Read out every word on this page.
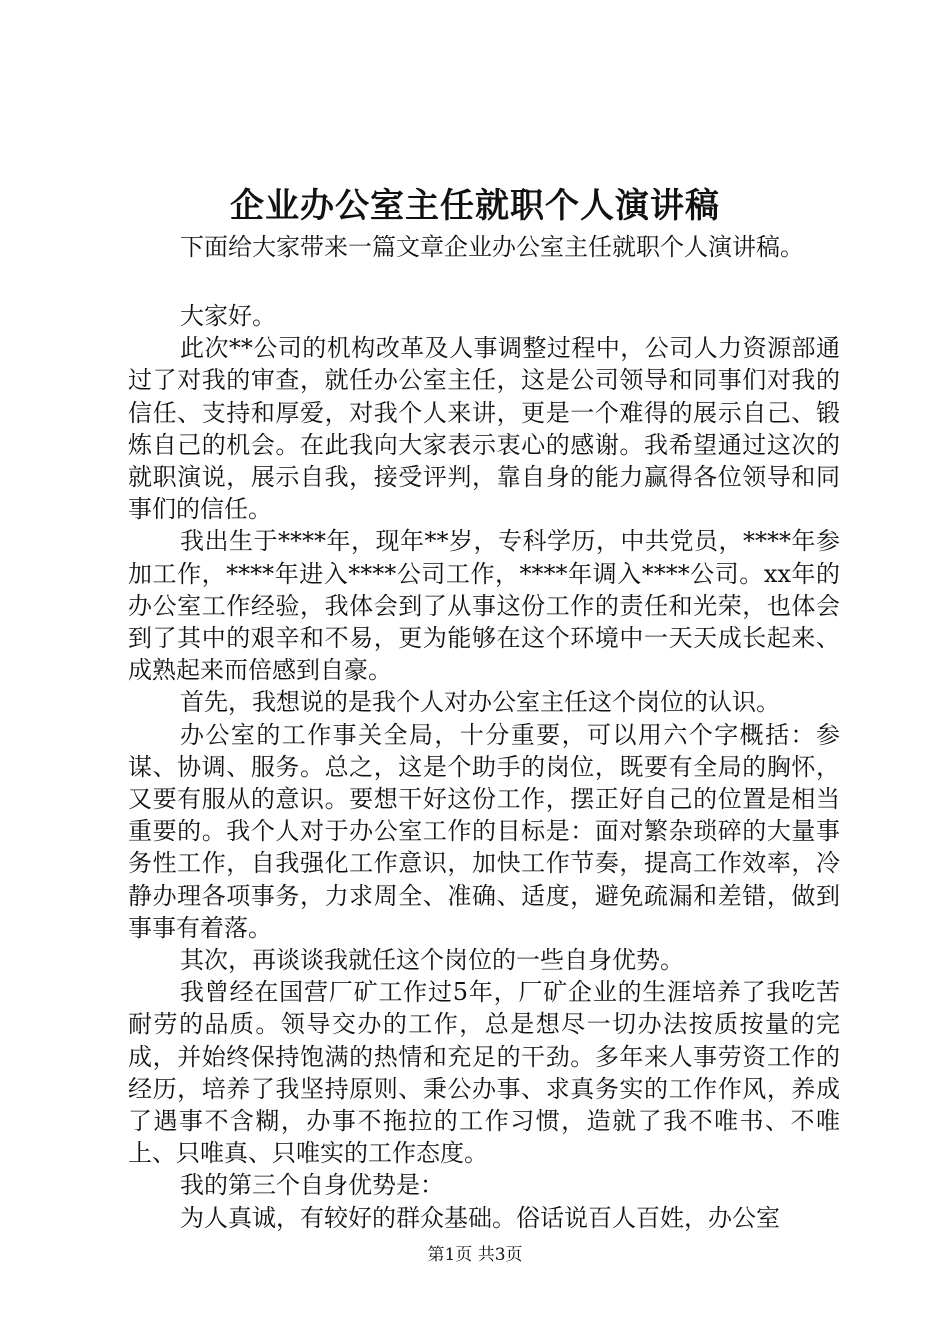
企业办公室主任就职个人演讲稿
下面给大家带来一篇文章企业办公室主任就职个人演讲稿。

大家好。

此次**公司的机构改革及人事调整过程中，公司人力资源部通过了对我的审查，就任办公室主任，这是公司领导和同事们对我的信任、支持和厚爱，对我个人来讲，更是一个难得的展示自己、锻炼自己的机会。在此我向大家表示衷心的感谢。我希望通过这次的就职演说，展示自我，接受评判，靠自身的能力赢得各位领导和同事们的信任。

我出生于****年，现年**岁，专科学历，中共党员，****年参加工作，****年进入****公司工作，****年调入****公司。xx年的办公室工作经验，我体会到了从事这份工作的责任和光荣，也体会到了其中的艰辛和不易，更为能够在这个环境中一天天成长起来、成熟起来而倍感到自豪。

首先，我想说的是我个人对办公室主任这个岗位的认识。

办公室的工作事关全局，十分重要，可以用六个字概括：参谋、协调、服务。总之，这是个助手的岗位，既要有全局的胸怀，又要有服从的意识。要想干好这份工作，摆正好自己的位置是相当重要的。我个人对于办公室工作的目标是：面对繁杂琐碎的大量事务性工作，自我强化工作意识，加快工作节奏，提高工作效率，冷静办理各项事务，力求周全、准确、适度，避免疏漏和差错，做到事事有着落。

其次，再谈谈我就任这个岗位的一些自身优势。

我曾经在国营厂矿工作过5年，厂矿企业的生涯培养了我吃苦耐劳的品质。领导交办的工作，总是想尽一切办法按质按量的完成，并始终保持饱满的热情和充足的干劲。多年来人事劳资工作的经历，培养了我坚持原则、秉公办事、求真务实的工作作风，养成了遇事不含糊，办事不拖拉的工作习惯，造就了我不唯书、不唯上、只唯真、只唯实的工作态度。

我的第三个自身优势是：

为人真诚，有较好的群众基础。俗话说百人百姓，办公室

第1页 共3页
